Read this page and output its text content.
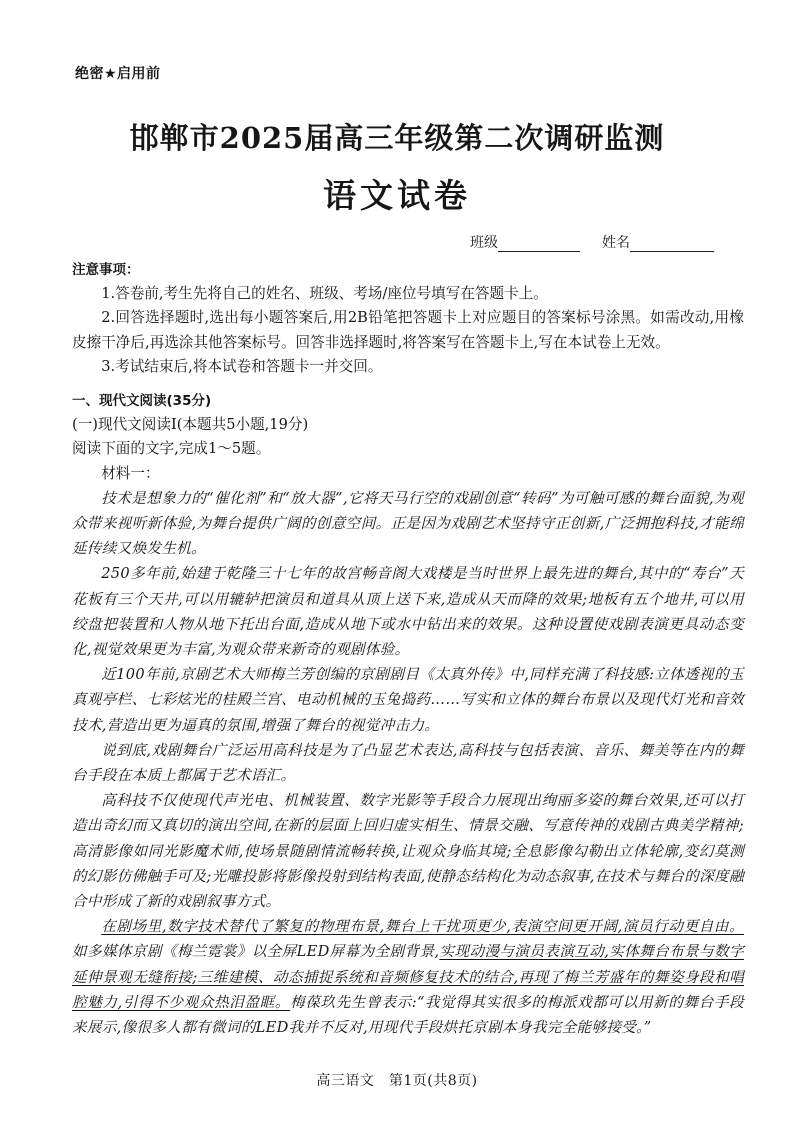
绝密★启用前
邯郸市2025届高三年级第二次调研监测
语文试卷
班级	姓名
注意事项：

1.答卷前,考生先将自己的姓名、班级、考场/座位号填写在答题卡上。

2.回答选择题时,选出每小题答案后,用2B铅笔把答题卡上对应题目的答案标号涂黑。如需改动,用橡皮擦干净后,再选涂其他答案标号。回答非选择题时,将答案写在答题卡上,写在本试卷上无效。

3.考试结束后,将本试卷和答题卡一并交回。

一、现代文阅读(35分)

(一)现代文阅读Ⅰ(本题共5小题,19分)

阅读下面的文字,完成1～5题。

材料一：

技术是想象力的“催化剂”和“放大器”,它将天马行空的戏剧创意“转码”为可触可感的舞台面貌,为观众带来视听新体验,为舞台提供广阔的创意空间。正是因为戏剧艺术坚持守正创新,广泛拥抱科技,才能绵延传续又焕发生机。

250多年前,始建于乾隆三十七年的故宫畅音阁大戏楼是当时世界上最先进的舞台,其中的“寿台”天花板有三个天井,可以用辘轳把演员和道具从顶上送下来,造成从天而降的效果;地板有五个地井,可以用绞盘把装置和人物从地下托出台面,造成从地下或水中钻出来的效果。这种设置使戏剧表演更具动态变化,视觉效果更为丰富,为观众带来新奇的观剧体验。

近100年前,京剧艺术大师梅兰芳创编的京剧剧目《太真外传》中,同样充满了科技感:立体透视的玉真观亭栏、七彩炫光的桂殿兰宫、电动机械的玉兔捣药……写实和立体的舞台布景以及现代灯光和音效技术,营造出更为逼真的氛围,增强了舞台的视觉冲击力。

说到底,戏剧舞台广泛运用高科技是为了凸显艺术表达,高科技与包括表演、音乐、舞美等在内的舞台手段在本质上都属于艺术语汇。

高科技不仅使现代声光电、机械装置、数字光影等手段合力展现出绚丽多姿的舞台效果,还可以打造出奇幻而又真切的演出空间,在新的层面上回归虚实相生、情景交融、写意传神的戏剧古典美学精神;高清影像如同光影魔术师,使场景随剧情流畅转换,让观众身临其境;全息影像勾勒出立体轮廓,变幻莫测的幻影仿佛触手可及;光雕投影将影像投射到结构表面,使静态结构化为动态叙事,在技术与舞台的深度融合中形成了新的戏剧叙事方式。

在剧场里,数字技术替代了繁复的物理布景,舞台上干扰项更少,表演空间更开阔,演员行动更自由。如多媒体京剧《梅兰霓裳》以全屏LED屏幕为全剧背景,实现动漫与演员表演互动,实体舞台布景与数字延伸景观无缝衔接;三维建模、动态捕捉系统和音频修复技术的结合,再现了梅兰芳盛年的舞姿身段和唱腔魅力,引得不少观众热泪盈眶。梅葆玖先生曾表示:“我觉得其实很多的梅派戏都可以用新的舞台手段来展示,像很多人都有微词的LED我并不反对,用现代手段烘托京剧本身我完全能够接受。”

高三语文　第1页(共8页)
